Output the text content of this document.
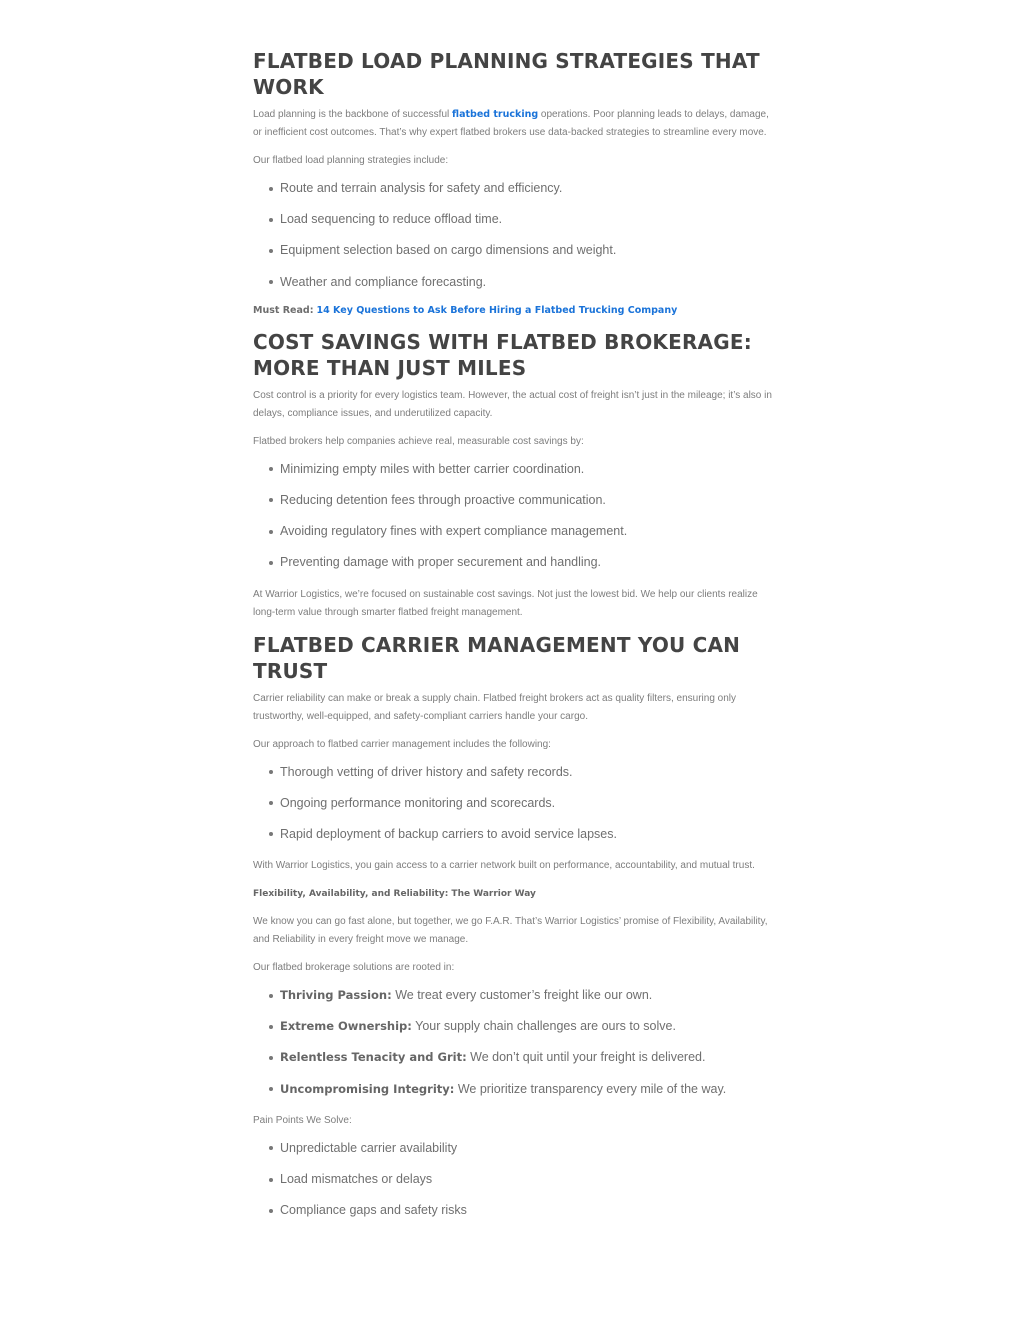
FLATBED LOAD PLANNING STRATEGIES THAT WORK

Load planning is the backbone of successful flatbed trucking operations. Poor planning leads to delays, damage, or inefficient cost outcomes. That’s why expert flatbed brokers use data-backed strategies to streamline every move.

Our flatbed load planning strategies include:

Route and terrain analysis for safety and efficiency.
Load sequencing to reduce offload time.
Equipment selection based on cargo dimensions and weight.
Weather and compliance forecasting.

Must Read: 14 Key Questions to Ask Before Hiring a Flatbed Trucking Company

COST SAVINGS WITH FLATBED BROKERAGE: MORE THAN JUST MILES

Cost control is a priority for every logistics team. However, the actual cost of freight isn’t just in the mileage; it’s also in delays, compliance issues, and underutilized capacity.

Flatbed brokers help companies achieve real, measurable cost savings by:

Minimizing empty miles with better carrier coordination.
Reducing detention fees through proactive communication.
Avoiding regulatory fines with expert compliance management.
Preventing damage with proper securement and handling.

At Warrior Logistics, we’re focused on sustainable cost savings. Not just the lowest bid. We help our clients realize long-term value through smarter flatbed freight management.

FLATBED CARRIER MANAGEMENT YOU CAN TRUST

Carrier reliability can make or break a supply chain. Flatbed freight brokers act as quality filters, ensuring only trustworthy, well-equipped, and safety-compliant carriers handle your cargo.

Our approach to flatbed carrier management includes the following:

Thorough vetting of driver history and safety records.
Ongoing performance monitoring and scorecards.
Rapid deployment of backup carriers to avoid service lapses.

With Warrior Logistics, you gain access to a carrier network built on performance, accountability, and mutual trust.

Flexibility, Availability, and Reliability: The Warrior Way

We know you can go fast alone, but together, we go F.A.R. That’s Warrior Logistics’ promise of Flexibility, Availability, and Reliability in every freight move we manage.

Our flatbed brokerage solutions are rooted in:

Thriving Passion: We treat every customer’s freight like our own.
Extreme Ownership: Your supply chain challenges are ours to solve.
Relentless Tenacity and Grit: We don’t quit until your freight is delivered.
Uncompromising Integrity: We prioritize transparency every mile of the way.

Pain Points We Solve:

Unpredictable carrier availability
Load mismatches or delays
Compliance gaps and safety risks
